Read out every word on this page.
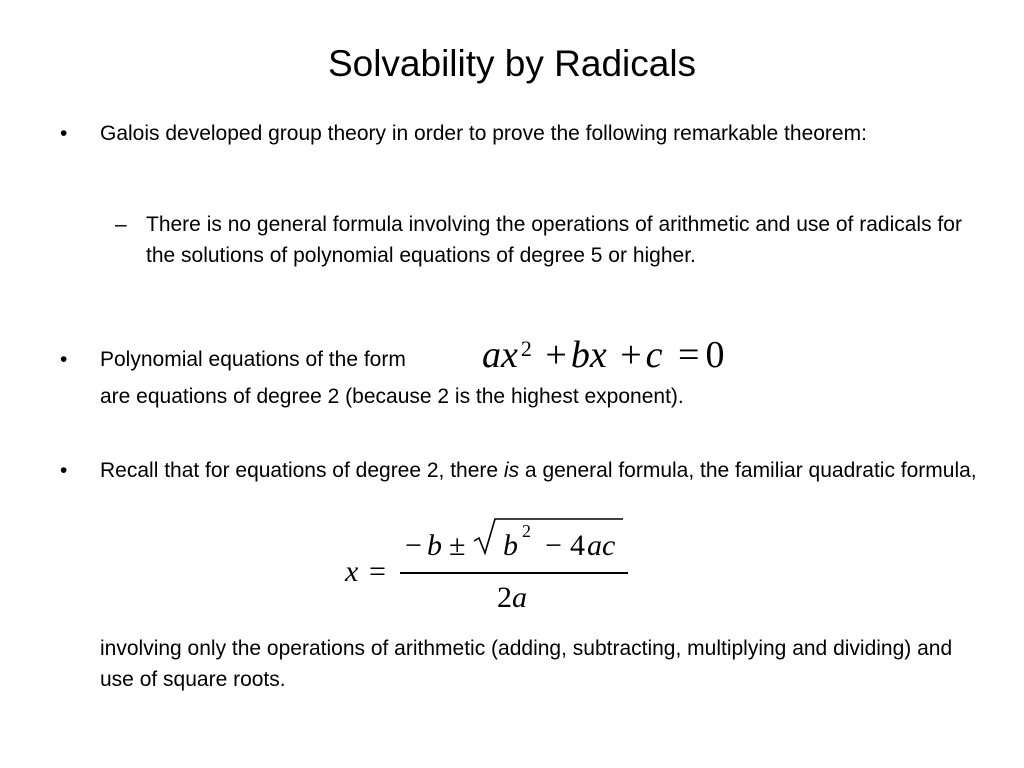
Solvability by Radicals
• Galois developed group theory in order to prove the following remarkable theorem:
– There is no general formula involving the operations of arithmetic and use of radicals for the solutions of polynomial equations of degree 5 or higher.
• Polynomial equations of the form ax $^2$ + bx + c = 0
are equations of degree 2 (because 2 is the highest exponent).
• Recall that for equations of degree 2, there is a general formula, the familiar quadratic formula,
x =
− b ± b 2 − 4 ac
2a
involving only the operations of arithmetic (adding, subtracting, multiplying and dividing) and use of square roots.
